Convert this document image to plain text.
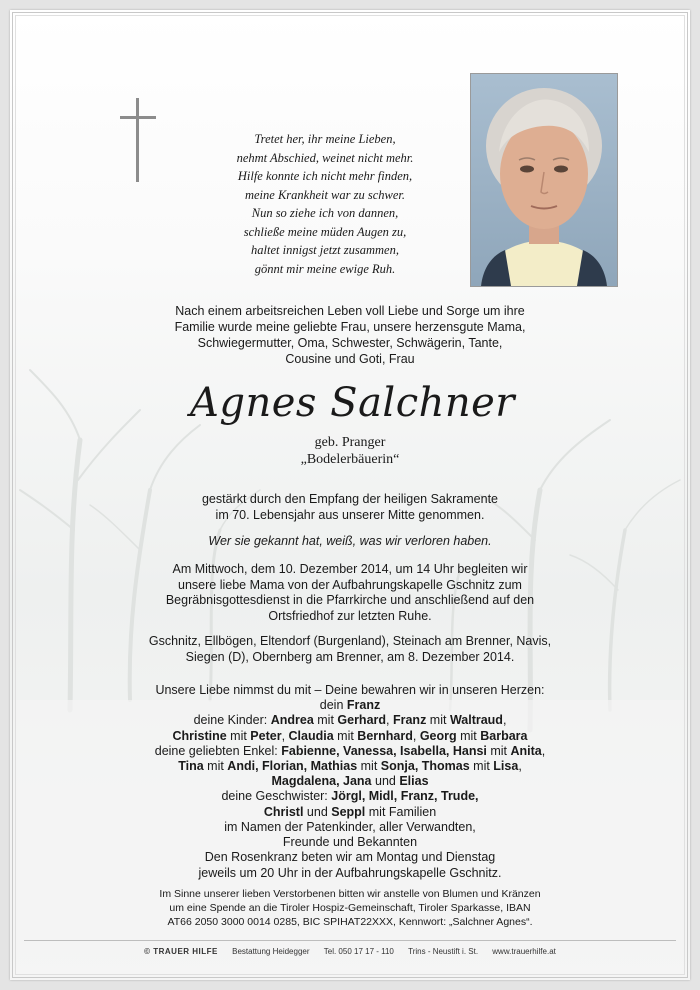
Tretet her, ihr meine Lieben,
nehmt Abschied, weinet nicht mehr.
Hilfe konnte ich nicht mehr finden,
meine Krankheit war zu schwer.
Nun so ziehe ich von dannen,
schließe meine müden Augen zu,
haltet innigst jetzt zusammen,
gönnt mir meine ewige Ruh.
Nach einem arbeitsreichen Leben voll Liebe und Sorge um ihre
Familie wurde meine geliebte Frau, unsere herzensgute Mama,
Schwiegermutter, Oma, Schwester, Schwägerin, Tante,
Cousine und Goti, Frau
Agnes Salchner
geb. Pranger
„Bodelerbäuerin“
gestärkt durch den Empfang der heiligen Sakramente
im 70. Lebensjahr aus unserer Mitte genommen.
Wer sie gekannt hat, weiß, was wir verloren haben.
Am Mittwoch, dem 10. Dezember 2014, um 14 Uhr begleiten wir
unsere liebe Mama von der Aufbahrungskapelle Gschnitz zum
Begräbnisgottesdienst in die Pfarrkirche und anschließend auf den
Ortsfriedhof zur letzten Ruhe.
Gschnitz, Ellbögen, Eltendorf (Burgenland), Steinach am Brenner, Navis,
Siegen (D), Obernberg am Brenner, am 8. Dezember 2014.
Unsere Liebe nimmst du mit – Deine bewahren wir in unseren Herzen:
dein Franz
deine Kinder: Andrea mit Gerhard, Franz mit Waltraud,
Christine mit Peter, Claudia mit Bernhard, Georg mit Barbara
deine geliebten Enkel: Fabienne, Vanessa, Isabella, Hansi mit Anita,
Tina mit Andi, Florian, Mathias mit Sonja, Thomas mit Lisa,
Magdalena, Jana und Elias
deine Geschwister: Jörgl, Midl, Franz, Trude,
Christl und Seppl mit Familien
im Namen der Patenkinder, aller Verwandten,
Freunde und Bekannten
Den Rosenkranz beten wir am Montag und Dienstag
jeweils um 20 Uhr in der Aufbahrungskapelle Gschnitz.
Im Sinne unserer lieben Verstorbenen bitten wir anstelle von Blumen und Kränzen
um eine Spende an die Tiroler Hospiz-Gemeinschaft, Tiroler Sparkasse, IBAN
AT66 2050 3000 0014 0285, BIC SPIHAT22XXX, Kennwort: „Salchner Agnes“.
© TRAUER HILFE Bestattung Heidegger Tel. 050 17 17 - 110 Trins - Neustift i. St. www.trauerhilfe.at
